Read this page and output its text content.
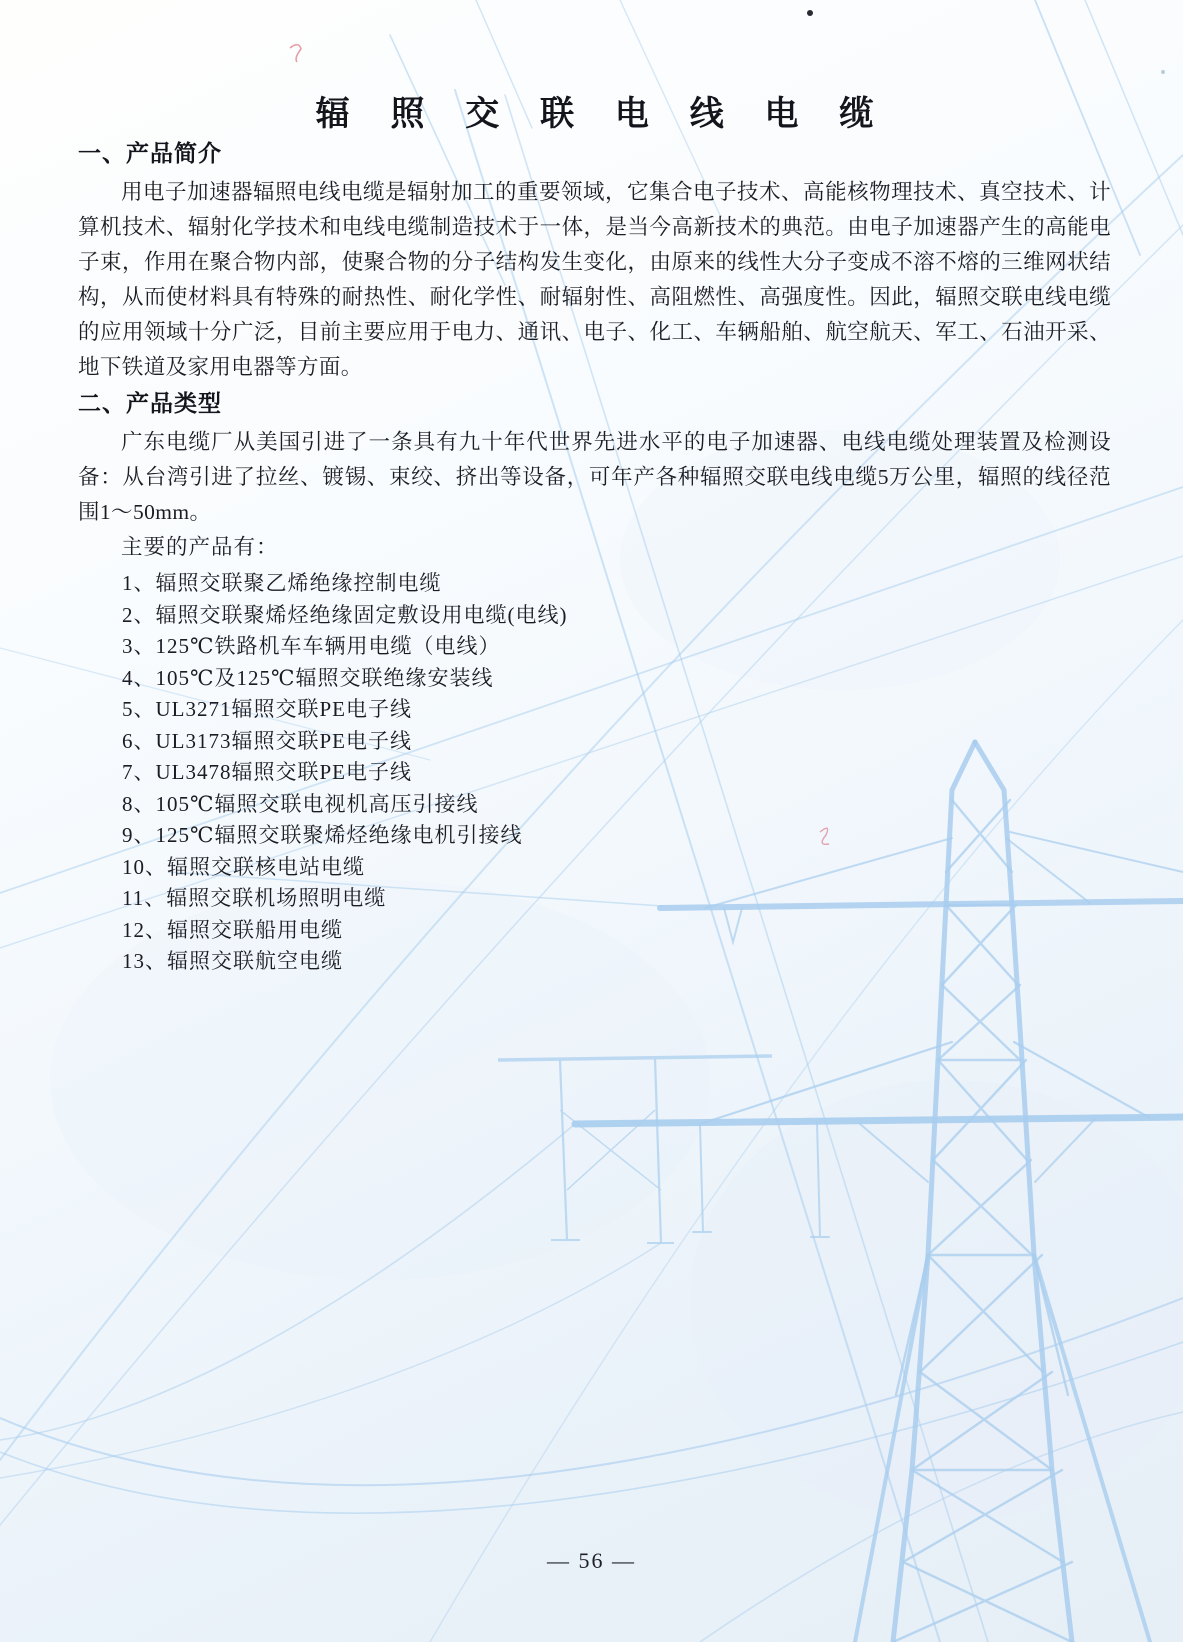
辐 照 交 联 电 线 电 缆
一、产品简介

用电子加速器辐照电线电缆是辐射加工的重要领域，它集合电子技术、高能核物理技术、真空技术、计算机技术、辐射化学技术和电线电缆制造技术于一体，是当今高新技术的典范。由电子加速器产生的高能电子束，作用在聚合物内部，使聚合物的分子结构发生变化，由原来的线性大分子变成不溶不熔的三维网状结构，从而使材料具有特殊的耐热性、耐化学性、耐辐射性、高阻燃性、高强度性。因此，辐照交联电线电缆的应用领域十分广泛，目前主要应用于电力、通讯、电子、化工、车辆船舶、航空航天、军工、石油开采、地下铁道及家用电器等方面。

二、产品类型

广东电缆厂从美国引进了一条具有九十年代世界先进水平的电子加速器、电线电缆处理装置及检测设备：从台湾引进了拉丝、镀锡、束绞、挤出等设备，可年产各种辐照交联电线电缆5万公里，辐照的线径范围1～50mm。

主要的产品有：

1、辐照交联聚乙烯绝缘控制电缆
2、辐照交联聚烯烃绝缘固定敷设用电缆(电线)
3、125℃铁路机车车辆用电缆（电线）
4、105℃及125℃辐照交联绝缘安装线
5、UL3271辐照交联PE电子线
6、UL3173辐照交联PE电子线
7、UL3478辐照交联PE电子线
8、105℃辐照交联电视机高压引接线
9、125℃辐照交联聚烯烃绝缘电机引接线
10、辐照交联核电站电缆
11、辐照交联机场照明电缆
12、辐照交联船用电缆
13、辐照交联航空电缆
— 56 —
